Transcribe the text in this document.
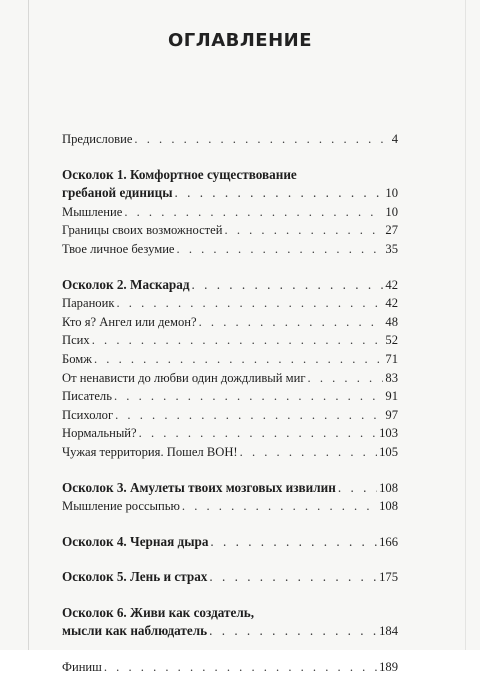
ОГЛАВЛЕНИЕ
Предисловие . . .	4
Осколок 1. Комфортное существование
гребаной единицы . . .	10
Мышление . . .	10
Границы своих возможностей . . .	27
Твое личное безумие . . .	35
Осколок 2. Маскарад . . .	42
Параноик . . .	42
Кто я? Ангел или демон? . . .	48
Псих . . .	52
Бомж . . .	71
От ненависти до любви один дождливый миг . . .	83
Писатель . . .	91
Психолог . . .	97
Нормальный? . . .	103
Чужая территория. Пошел ВОН! . . .	105
Осколок 3. Амулеты твоих мозговых извилин . . .	108
Мышление россыпью . . .	108
Осколок 4. Черная дыра . . .	166
Осколок 5. Лень и страх . . .	175
Осколок 6. Живи как создатель,
мысли как наблюдатель . . .	184
Финиш . . .	189
